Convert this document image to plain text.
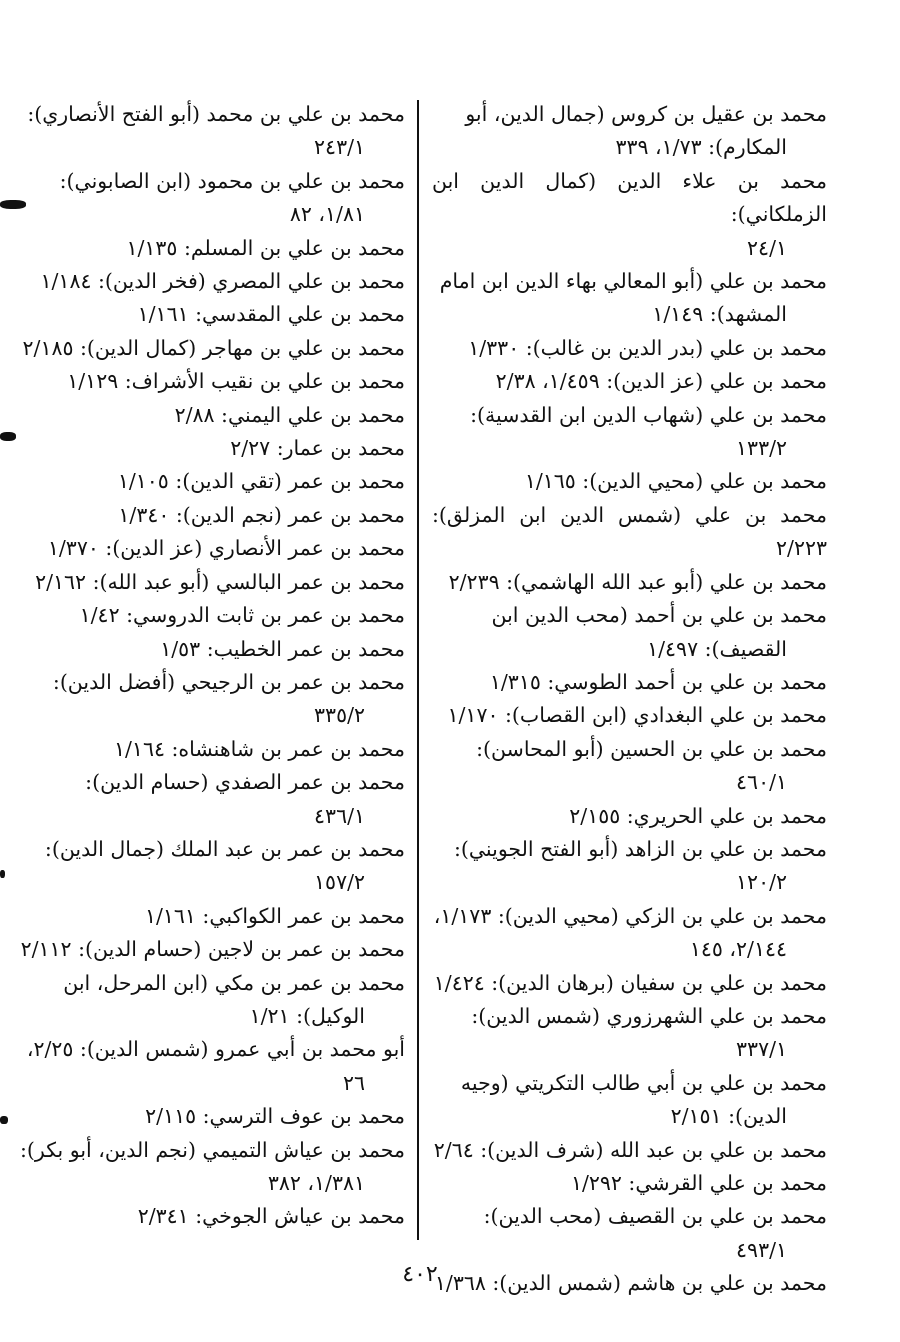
محمد بن عقيل بن كروس (جمال الدين، أبو
المكارم): ١/٧٣، ٣٣٩

محمد بن علاء الدين (كمال الدين ابن الزملكاني):
٢٤/١

محمد بن علي (أبو المعالي بهاء الدين ابن امام
المشهد): ١/١٤٩

محمد بن علي (بدر الدين بن غالب): ١/٣٣٠

محمد بن علي (عز الدين): ١/٤٥٩، ٢/٣٨

محمد بن علي (شهاب الدين ابن القدسية):
١٣٣/٢

محمد بن علي (محيي الدين): ١/١٦٥

محمد بن علي (شمس الدين ابن المزلق): ٢/٢٢٣

محمد بن علي (أبو عبد الله الهاشمي): ٢/٢٣٩

محمد بن علي بن أحمد (محب الدين ابن
القصيف): ١/٤٩٧

محمد بن علي بن أحمد الطوسي: ١/٣١٥

محمد بن علي البغدادي (ابن القصاب): ١/١٧٠

محمد بن علي بن الحسين (أبو المحاسن):
٤٦٠/١

محمد بن علي الحريري: ٢/١٥٥

محمد بن علي بن الزاهد (أبو الفتح الجويني):
١٢٠/٢

محمد بن علي بن الزكي (محيي الدين): ١/١٧٣،
٢/١٤٤، ١٤٥

محمد بن علي بن سفيان (برهان الدين): ١/٤٢٤

محمد بن علي الشهرزوري (شمس الدين):
٣٣٧/١

محمد بن علي بن أبي طالب التكريتي (وجيه
الدين): ٢/١٥١

محمد بن علي بن عبد الله (شرف الدين): ٢/٦٤

محمد بن علي القرشي: ١/٢٩٢

محمد بن علي بن القصيف (محب الدين):
٤٩٣/١

محمد بن علي بن هاشم (شمس الدين): ١/٣٦٨

محمد بن علي بن محمد (أبو الفتح الأنصاري):
٢٤٣/١

محمد بن علي بن محمود (ابن الصابوني):
١/٨١، ٨٢

محمد بن علي بن المسلم: ١/١٣٥

محمد بن علي المصري (فخر الدين): ١/١٨٤

محمد بن علي المقدسي: ١/١٦١

محمد بن علي بن مهاجر (كمال الدين): ٢/١٨٥

محمد بن علي بن نقيب الأشراف: ١/١٢٩

محمد بن علي اليمني: ٢/٨٨

محمد بن عمار: ٢/٢٧

محمد بن عمر (تقي الدين): ١/١٠٥

محمد بن عمر (نجم الدين): ١/٣٤٠

محمد بن عمر الأنصاري (عز الدين): ١/٣٧٠

محمد بن عمر البالسي (أبو عبد الله): ٢/١٦٢

محمد بن عمر بن ثابت الدروسي: ١/٤٢

محمد بن عمر الخطيب: ١/٥٣

محمد بن عمر بن الرجيحي (أفضل الدين):
٣٣٥/٢

محمد بن عمر بن شاهنشاه: ١/١٦٤

محمد بن عمر الصفدي (حسام الدين):
٤٣٦/١

محمد بن عمر بن عبد الملك (جمال الدين):
١٥٧/٢

محمد بن عمر الكواكبي: ١/١٦١

محمد بن عمر بن لاجين (حسام الدين): ٢/١١٢

محمد بن عمر بن مكي (ابن المرحل، ابن
الوكيل): ١/٢١

أبو محمد بن أبي عمرو (شمس الدين): ٢/٢٥،
٢٦

محمد بن عوف الترسي: ٢/١١٥

محمد بن عياش التميمي (نجم الدين، أبو بكر):
١/٣٨١، ٣٨٢

محمد بن عياش الجوخي: ٢/٣٤١

٤٠٢
